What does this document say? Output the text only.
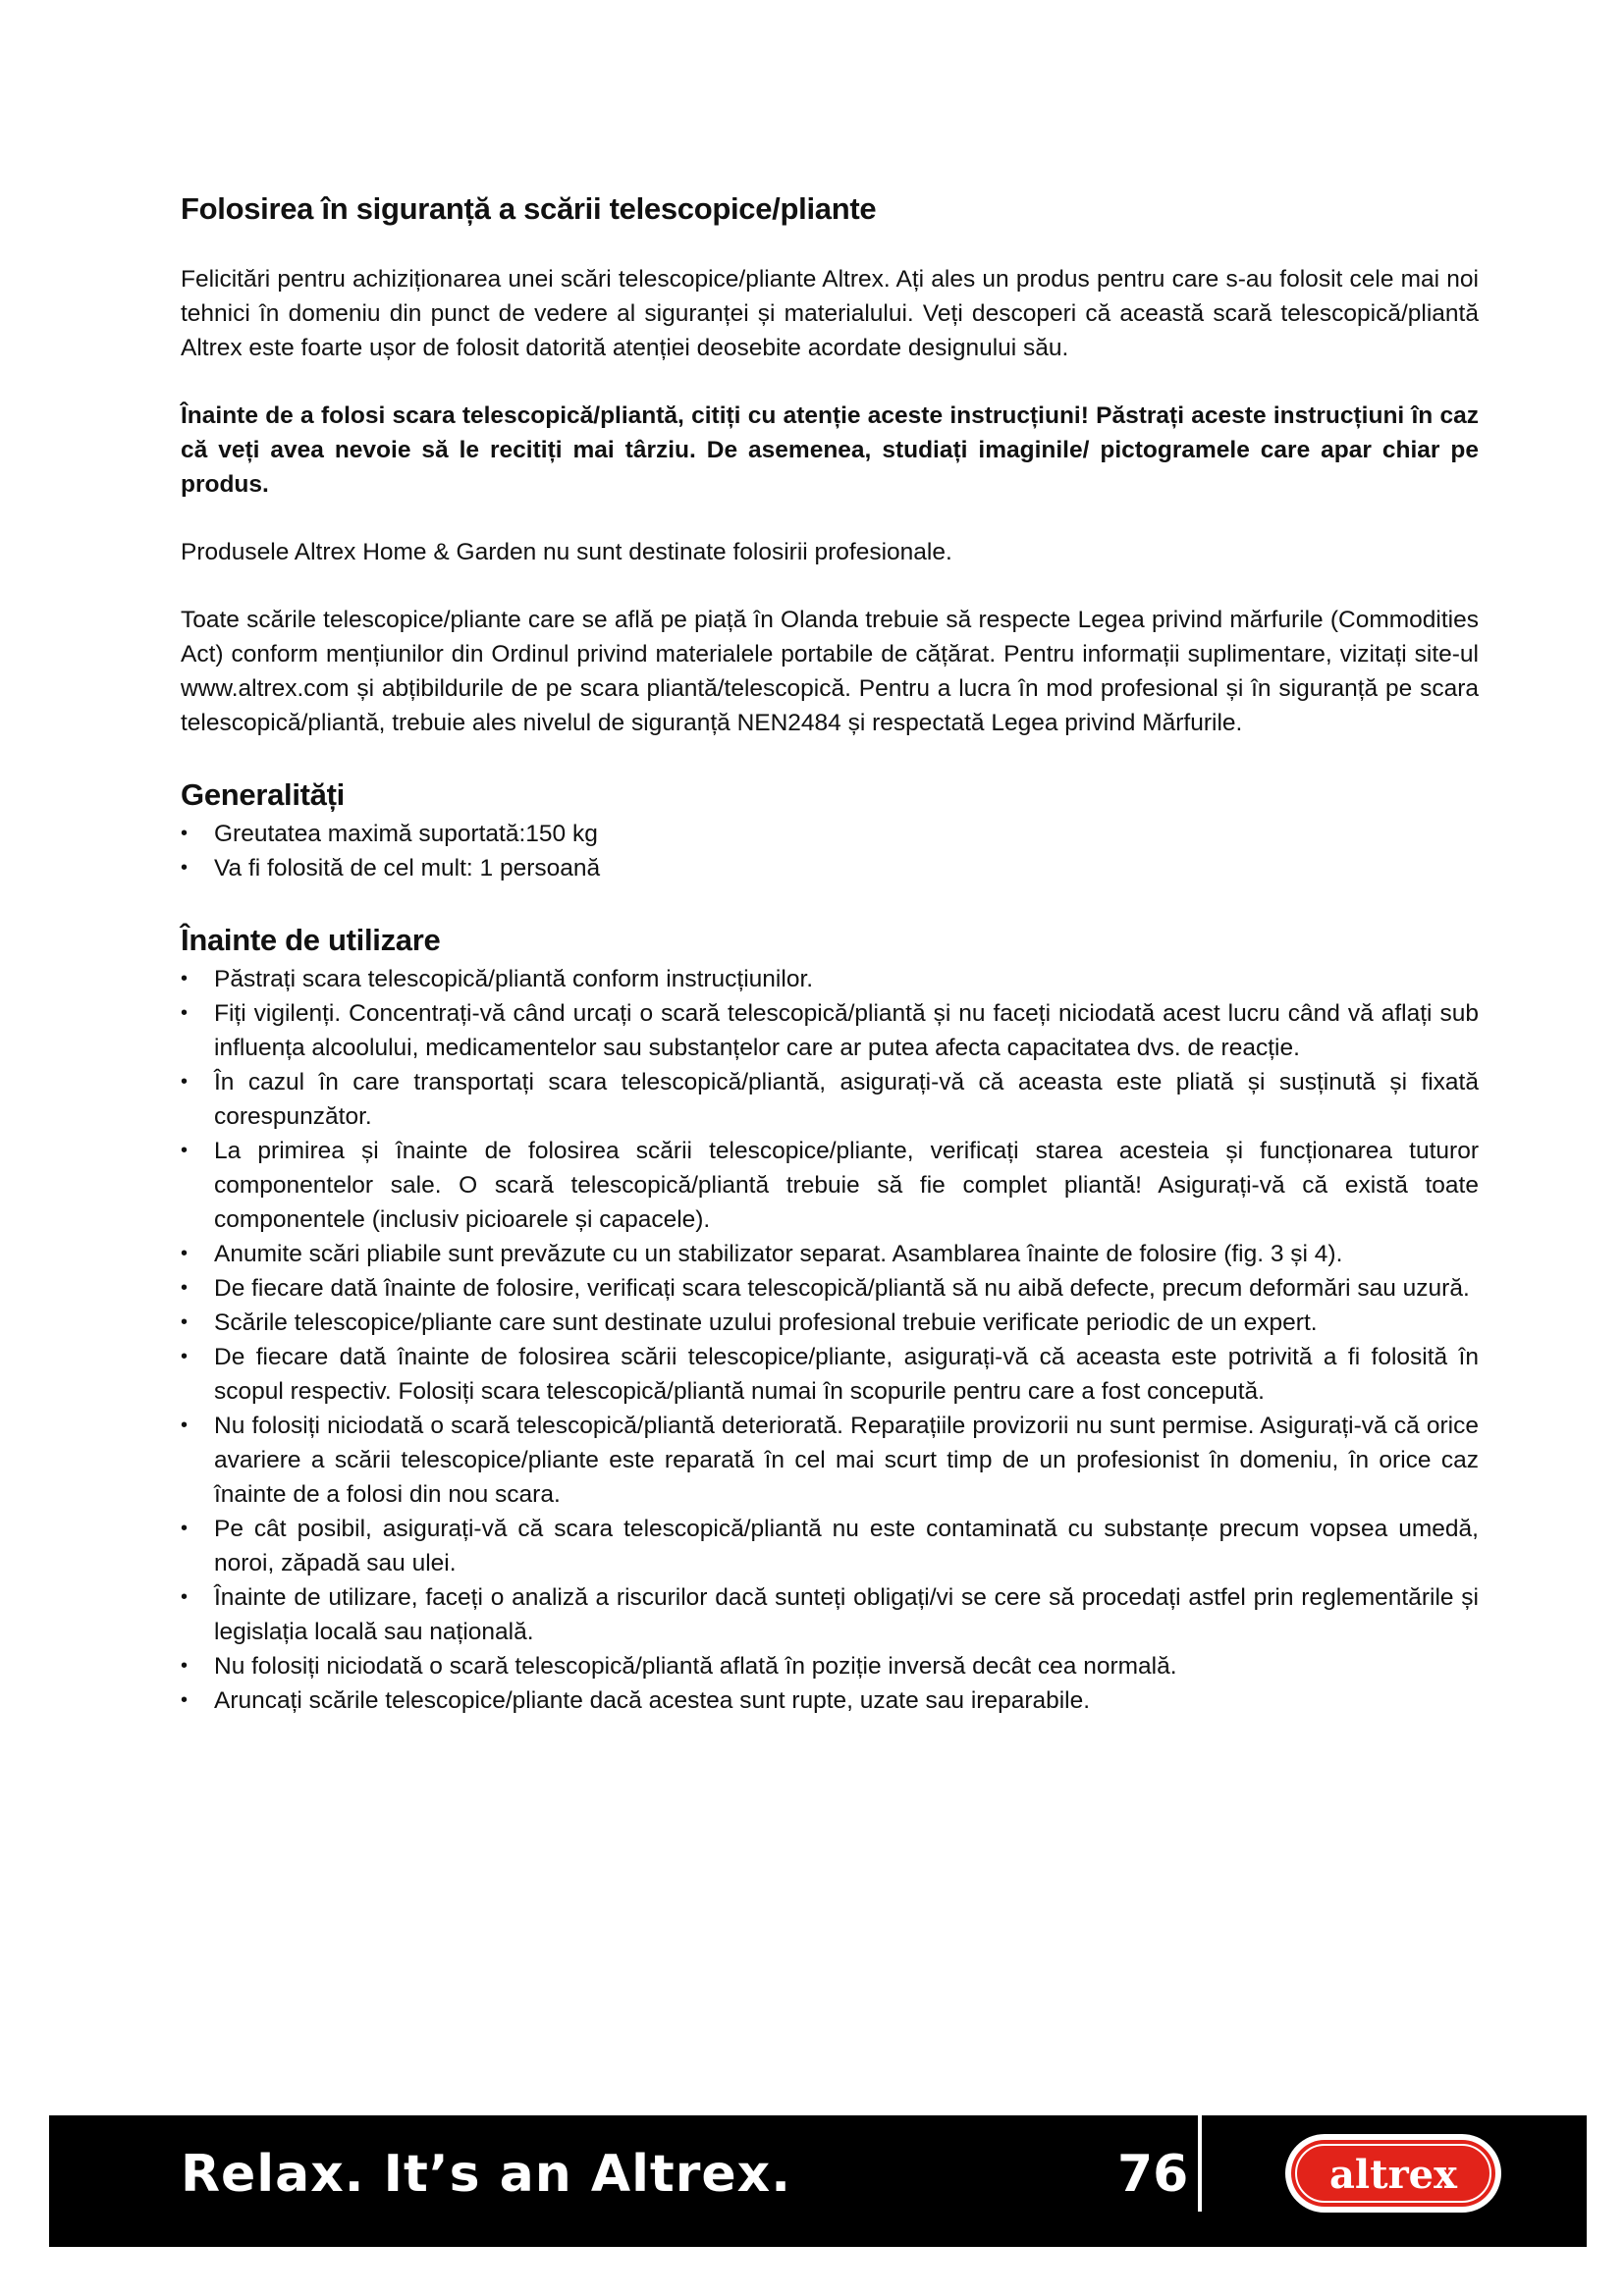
Folosirea în siguranță a scării telescopice/pliante

Felicitări pentru achiziționarea unei scări telescopice/pliante Altrex. Ați ales un produs pentru care s-au folosit cele mai noi tehnici în domeniu din punct de vedere al siguranței și materialului. Veți descoperi că această scară telescopică/pliantă Altrex este foarte ușor de folosit datorită atenției deosebite acordate designului său.

Înainte de a folosi scara telescopică/pliantă, citiți cu atenție aceste instrucțiuni! Păstrați aceste instrucțiuni în caz că veți avea nevoie să le recitiți mai târziu. De asemenea, studiați imaginile/ pictogramele care apar chiar pe produs.

Produsele Altrex Home & Garden nu sunt destinate folosirii profesionale.

Toate scările telescopice/pliante care se află pe piață în Olanda trebuie să respecte Legea privind mărfurile (Commodities Act) conform mențiunilor din Ordinul privind materialele portabile de cățărat. Pentru informații suplimentare, vizitați site-ul www.altrex.com și abțibildurile de pe scara pliantă/telescopică. Pentru a lucra în mod profesional și în siguranță pe scara telescopică/pliantă, trebuie ales nivelul de siguranță NEN2484 și respectată Legea privind Mărfurile.

Generalități
• Greutatea maximă suportată:150 kg
• Va fi folosită de cel mult: 1 persoană
Înainte de utilizare
• Păstrați scara telescopică/pliantă conform instrucțiunilor.
• Fiți vigilenți. Concentrați-vă când urcați o scară telescopică/pliantă și nu faceți niciodată acest lucru când vă aflați sub influența alcoolului, medicamentelor sau substanțelor care ar putea afecta capacitatea dvs. de reacție.
• În cazul în care transportați scara telescopică/pliantă, asigurați-vă că aceasta este pliată și susținută și fixată corespunzător.
• La primirea și înainte de folosirea scării telescopice/pliante, verificați starea acesteia și funcționarea tuturor componentelor sale. O scară telescopică/pliantă trebuie să fie complet pliantă! Asigurați-vă că există toate componentele (inclusiv picioarele și capacele).
• Anumite scări pliabile sunt prevăzute cu un stabilizator separat. Asamblarea înainte de folosire (fig. 3 și 4).
• De fiecare dată înainte de folosire, verificați scara telescopică/pliantă să nu aibă defecte, precum deformări sau uzură.
• Scările telescopice/pliante care sunt destinate uzului profesional trebuie verificate periodic de un expert.
• De fiecare dată înainte de folosirea scării telescopice/pliante, asigurați-vă că aceasta este potrivită a fi folosită în scopul respectiv. Folosiți scara telescopică/pliantă numai în scopurile pentru care a fost concepută.
• Nu folosiți niciodată o scară telescopică/pliantă deteriorată. Reparațiile provizorii nu sunt permise. Asigurați-vă că orice avariere a scării telescopice/pliante este reparată în cel mai scurt timp de un profesionist în domeniu, în orice caz înainte de a folosi din nou scara.
• Pe cât posibil, asigurați-vă că scara telescopică/pliantă nu este contaminată cu substanțe precum vopsea umedă, noroi, zăpadă sau ulei.
• Înainte de utilizare, faceți o analiză a riscurilor dacă sunteți obligați/vi se cere să procedați astfel prin reglementările și legislația locală sau națională.
• Nu folosiți niciodată o scară telescopică/pliantă aflată în poziție inversă decât cea normală.
• Aruncați scările telescopice/pliante dacă acestea sunt rupte, uzate sau ireparabile.
Relax. It’s an Altrex.	76	altrex
